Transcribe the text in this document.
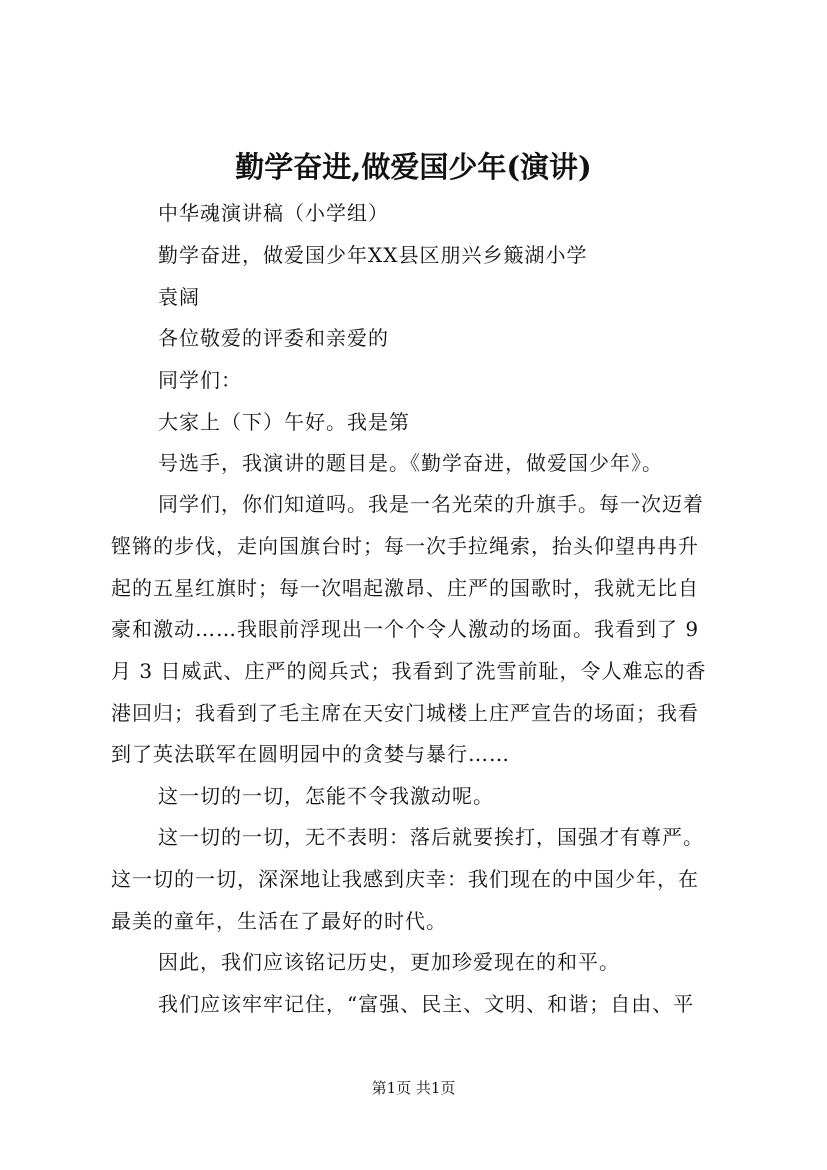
勤学奋进,做爱国少年(演讲)
中华魂演讲稿（小学组）
勤学奋进，做爱国少年XX县区朋兴乡簸湖小学
袁阔
各位敬爱的评委和亲爱的
同学们：
大家上（下）午好。我是第
号选手，我演讲的题目是。《勤学奋进，做爱国少年》。
同学们，你们知道吗。我是一名光荣的升旗手。每一次迈着
铿锵的步伐，走向国旗台时；每一次手拉绳索，抬头仰望冉冉升
起的五星红旗时；每一次唱起激昂、庄严的国歌时，我就无比自
豪和激动……我眼前浮现出一个个令人激动的场面。我看到了 9
月 3 日威武、庄严的阅兵式；我看到了洗雪前耻，令人难忘的香
港回归；我看到了毛主席在天安门城楼上庄严宣告的场面；我看
到了英法联军在圆明园中的贪婪与暴行……
这一切的一切，怎能不令我激动呢。
这一切的一切，无不表明：落后就要挨打，国强才有尊严。
这一切的一切，深深地让我感到庆幸：我们现在的中国少年，在
最美的童年，生活在了最好的时代。
因此，我们应该铭记历史，更加珍爱现在的和平。
我们应该牢牢记住，“富强、民主、文明、和谐；自由、平
第1页 共1页
